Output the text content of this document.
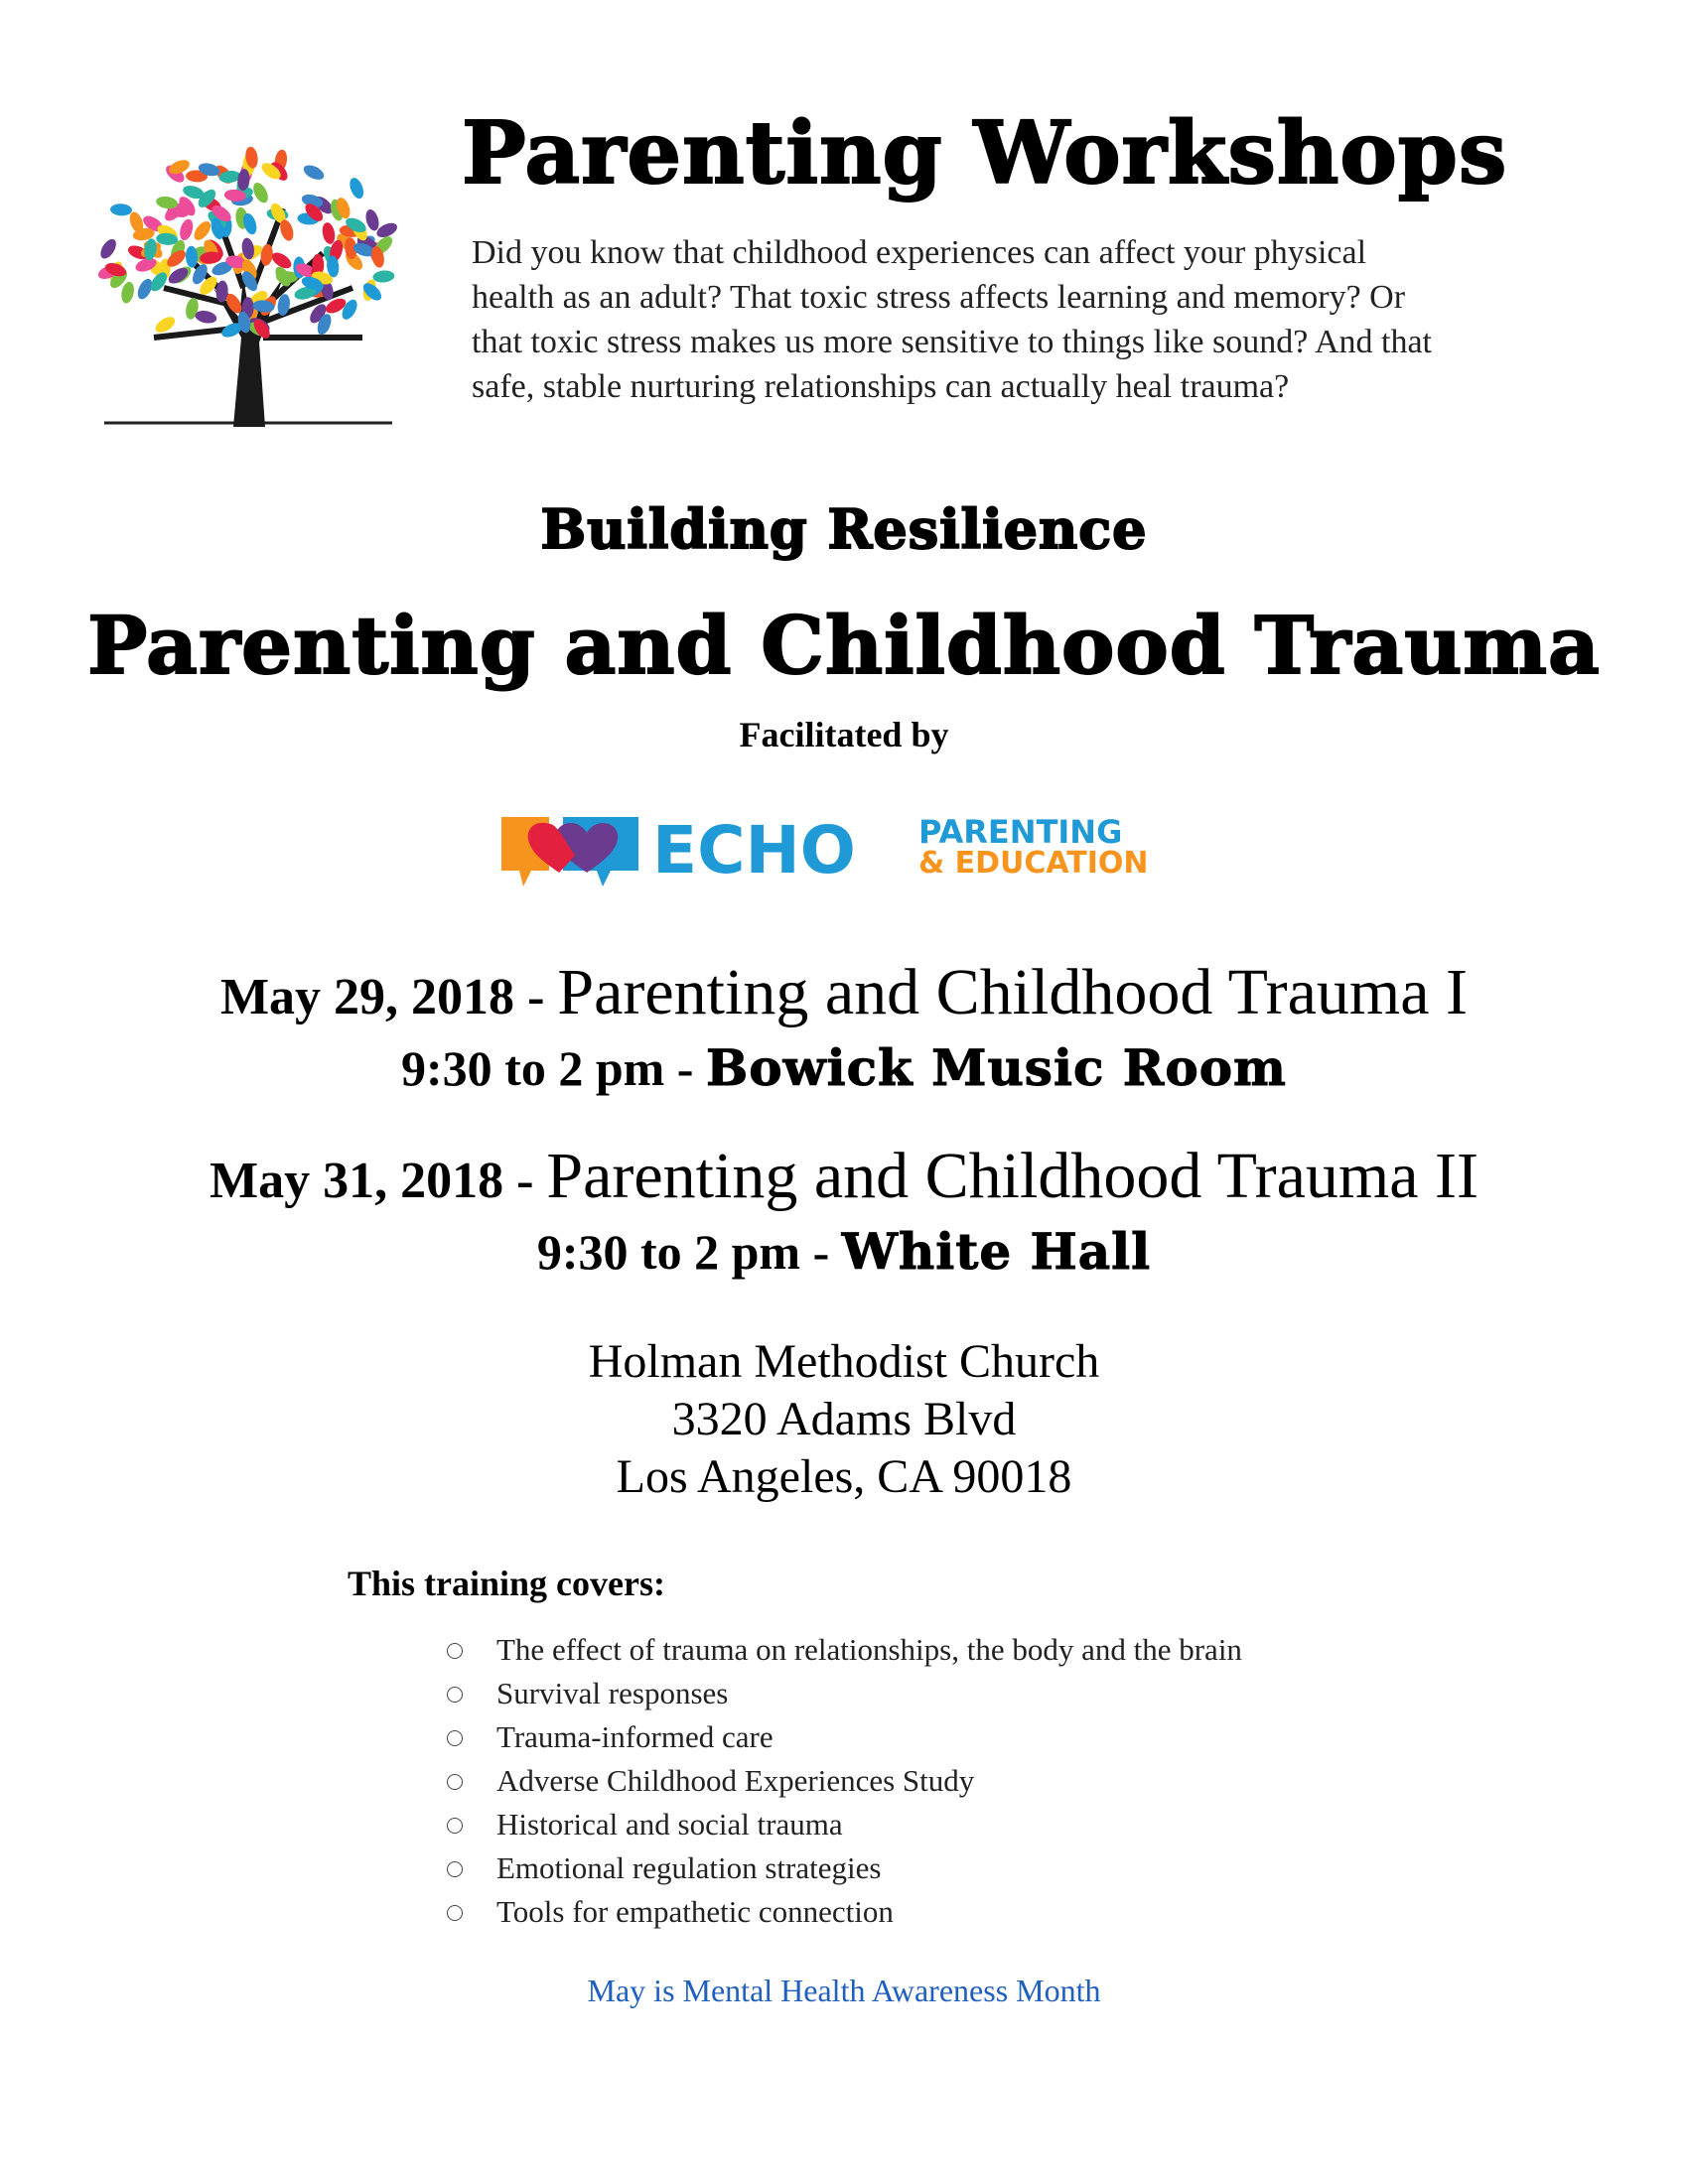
Parenting Workshops
Did you know that childhood experiences can affect your physical
health as an adult? That toxic stress affects learning and memory? Or
that toxic stress makes us more sensitive to things like sound? And that
safe, stable nurturing relationships can actually heal trauma?
Building Resilience
Parenting and Childhood Trauma
Facilitated by
ECHO PARENTING
& EDUCATION
May 29, 2018 - Parenting and Childhood Trauma I
9:30 to 2 pm - Bowick Music Room
May 31, 2018 - Parenting and Childhood Trauma II
9:30 to 2 pm - White Hall
Holman Methodist Church
3320 Adams Blvd
Los Angeles, CA 90018
This training covers:
The effect of trauma on relationships, the body and the brain
Survival responses
Trauma-informed care
Adverse Childhood Experiences Study
Historical and social trauma
Emotional regulation strategies
Tools for empathetic connection
May is Mental Health Awareness Month
